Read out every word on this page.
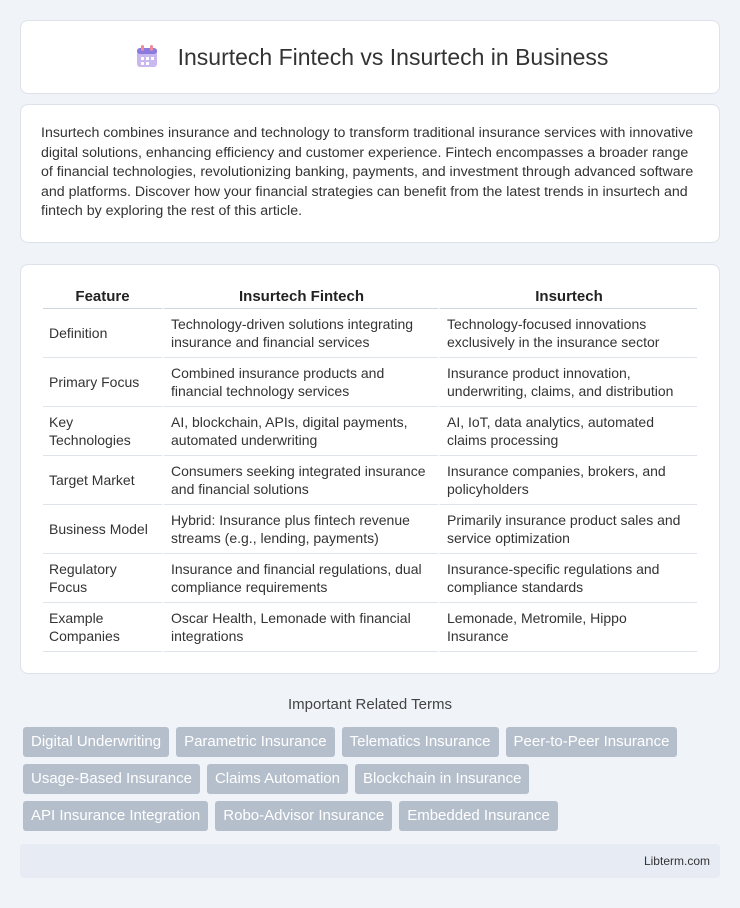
Insurtech Fintech vs Insurtech in Business

Insurtech combines insurance and technology to transform traditional insurance services with innovative digital solutions, enhancing efficiency and customer experience. Fintech encompasses a broader range of financial technologies, revolutionizing banking, payments, and investment through advanced software and platforms. Discover how your financial strategies can benefit from the latest trends in insurtech and fintech by exploring the rest of this article.

Feature	Insurtech Fintech	Insurtech
Definition	Technology-driven solutions integrating insurance and financial services	Technology-focused innovations exclusively in the insurance sector
Primary Focus	Combined insurance products and financial technology services	Insurance product innovation, underwriting, claims, and distribution
Key Technologies	AI, blockchain, APIs, digital payments, automated underwriting	AI, IoT, data analytics, automated claims processing
Target Market	Consumers seeking integrated insurance and financial solutions	Insurance companies, brokers, and policyholders
Business Model	Hybrid: Insurance plus fintech revenue streams (e.g., lending, payments)	Primarily insurance product sales and service optimization
Regulatory Focus	Insurance and financial regulations, dual compliance requirements	Insurance-specific regulations and compliance standards
Example Companies	Oscar Health, Lemonade with financial integrations	Lemonade, Metromile, Hippo Insurance
Important Related Terms
Digital Underwriting	Parametric Insurance	Telematics Insurance	Peer-to-Peer Insurance
Usage-Based Insurance	Claims Automation	Blockchain in Insurance
API Insurance Integration	Robo-Advisor Insurance	Embedded Insurance
Libterm.com
